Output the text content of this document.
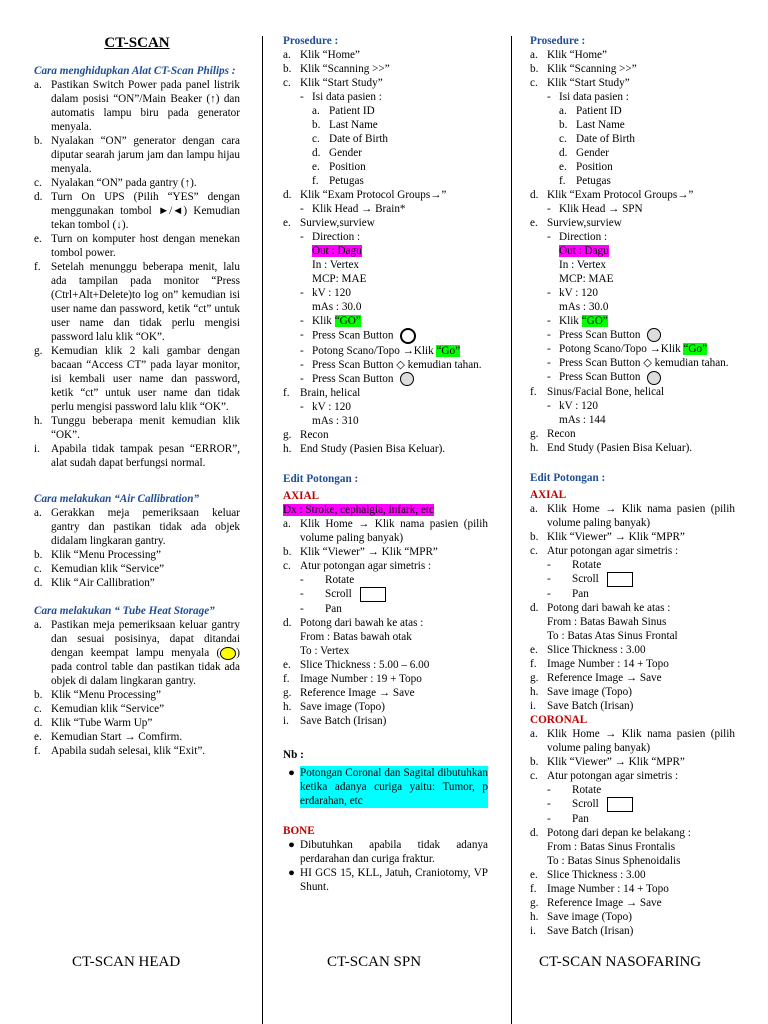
CT-SCAN
Cara menghidupkan Alat CT-Scan Philips :
a. Pastikan Switch Power pada panel listrik dalam posisi “ON”/Main Beaker (↑) dan automatis lampu biru pada generator menyala.
b. Nyalakan “ON” generator dengan cara diputar searah jarum jam dan lampu hijau menyala.
c. Nyalakan “ON” pada gantry (↑).
d. Turn On UPS (Pilih “YES” dengan menggunakan tombol ►/◄) Kemudian tekan tombol (↓).
e. Turn on komputer host dengan menekan tombol power.
f. Setelah menunggu beberapa menit, lalu ada tampilan pada monitor “Press (Ctrl+Alt+Delete)to log on” kemudian isi user name dan password, ketik “ct” untuk user name dan tidak perlu mengisi password lalu klik “OK”.
g. Kemudian klik 2 kali gambar dengan bacaan “Access CT” pada layar monitor, isi kembali user name dan password, ketik “ct” untuk user name dan tidak perlu mengisi password lalu klik “OK”.
h. Tunggu beberapa menit kemudian klik “OK”.
i. Apabila tidak tampak pesan “ERROR”, alat sudah dapat berfungsi normal.
Cara melakukan “Air Callibration”
a. Gerakkan meja pemeriksaan keluar gantry dan pastikan tidak ada objek didalam lingkaran gantry.
b. Klik “Menu Processing”
c. Kemudian klik “Service”
d. Klik “Air Callibration”
Cara melakukan “ Tube Heat Storage”
a. Pastikan meja pemeriksaan keluar gantry dan sesuai posisinya, dapat ditandai dengan keempat lampu menyala ( ) pada control table dan pastikan tidak ada objek di dalam lingkaran gantry.
b. Klik “Menu Processing”
c. Kemudian klik “Service”
d. Klik “Tube Warm Up”
e. Kemudian Start → Comfirm.
f. Apabila sudah selesai, klik “Exit”.
CT-SCAN HEAD
Prosedure :
a. Klik “Home”
b. Klik “Scanning >>”
c. Klik “Start Study”
- Isi data pasien :
a. Patient ID
b. Last Name
c. Date of Birth
d. Gender
e. Position
f. Petugas
d. Klik “Exam Protocol Groups→”
- Klik Head → Brain*
e. Surview,surview
- Direction :
Out : Dagu
In : Vertex
MCP: MAE
- kV : 120
mAs : 30.0
- Klik “GO”
- Press Scan Button
- Potong Scano/Topo →Klik “Go”
- Press Scan Button ◇ kemudian tahan.
- Press Scan Button
f. Brain, helical
- kV : 120
mAs : 310
g. Recon
h. End Study (Pasien Bisa Keluar).
Edit Potongan :
AXIAL
Dx : Stroke, cephalgia, infark, etc
a. Klik Home → Klik nama pasien (pilih volume paling banyak)
b. Klik “Viewer” → Klik “MPR”
c. Atur potongan agar simetris :
-	Rotate
-	Scroll
-	Pan
d. Potong dari bawah ke atas :
From : Batas bawah otak
To : Vertex
e. Slice Thickness : 5.00 – 6.00
f. Image Number : 19 + Topo
g. Reference Image → Save
h. Save image (Topo)
i. Save Batch (Irisan)
Nb :
● Potongan Coronal dan Sagital dibutuhkan ketika adanya curiga yaitu: Tumor, p erdarahan, etc
BONE
● Dibutuhkan apabila tidak adanya perdarahan dan curiga fraktur.
● HI GCS 15, KLL, Jatuh, Craniotomy, VP Shunt.
CT-SCAN SPN
Prosedure :
a. Klik “Home”
b. Klik “Scanning >>”
c. Klik “Start Study”
- Isi data pasien :
a. Patient ID
b. Last Name
c. Date of Birth
d. Gender
e. Position
f. Petugas
d. Klik “Exam Protocol Groups→”
- Klik Head → SPN
e. Surview,surview
- Direction :
Out : Dagu
In : Vertex
MCP: MAE
- kV : 120
mAs : 30.0
- Klik “GO”
- Press Scan Button
- Potong Scano/Topo →Klik “Go”
- Press Scan Button ◇ kemudian tahan.
- Press Scan Button
f. Sinus/Facial Bone, helical
- kV : 120
mAs : 144
g. Recon
h. End Study (Pasien Bisa Keluar).
Edit Potongan :
AXIAL
a. Klik Home → Klik nama pasien (pilih volume paling banyak)
b. Klik “Viewer” → Klik “MPR”
c. Atur potongan agar simetris :
-	Rotate
-	Scroll
-	Pan
d. Potong dari bawah ke atas :
From : Batas Bawah Sinus
To : Batas Atas Sinus Frontal
e. Slice Thickness : 3.00
f. Image Number : 14 + Topo
g. Reference Image → Save
h. Save image (Topo)
i. Save Batch (Irisan)
CORONAL
a. Klik Home → Klik nama pasien (pilih volume paling banyak)
b. Klik “Viewer” → Klik “MPR”
c. Atur potongan agar simetris :
-	Rotate
-	Scroll
-	Pan
d. Potong dari depan ke belakang :
From : Batas Sinus Frontalis
To : Batas Sinus Sphenoidalis
e. Slice Thickness : 3.00
f. Image Number : 14 + Topo
g. Reference Image → Save
h. Save image (Topo)
i. Save Batch (Irisan)
CT-SCAN NASOFARING
